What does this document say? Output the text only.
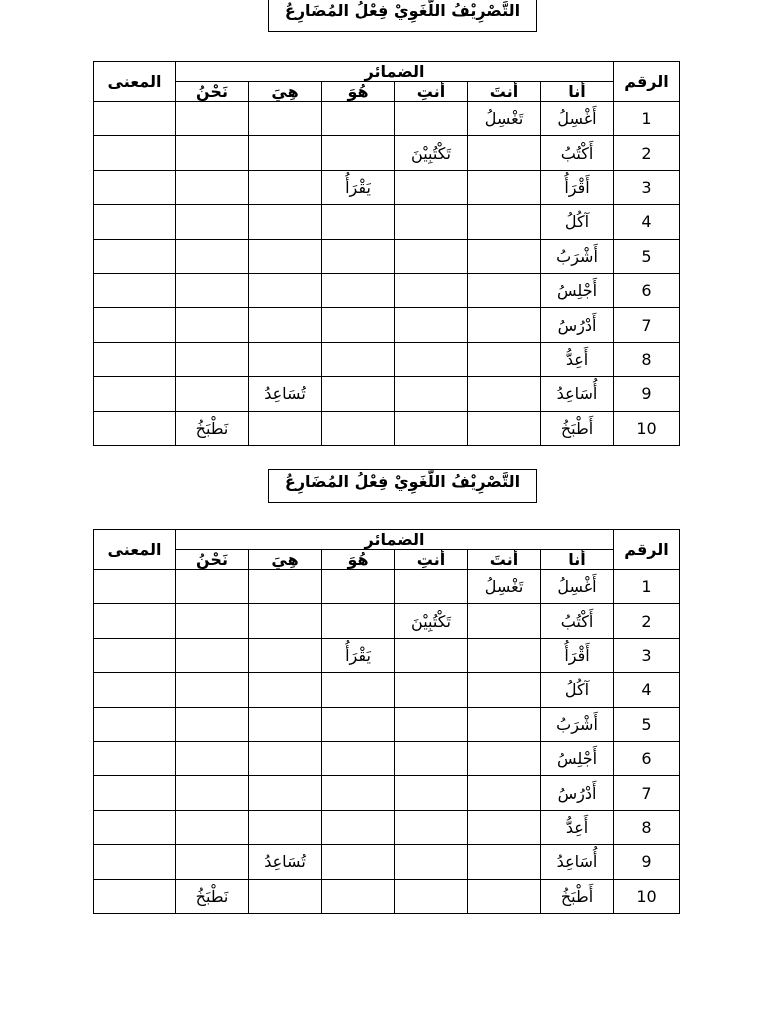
التَّصْرِيْفُ اللُّغَوِيْ فِعْلُ المُضَارِعُ
الرقم	الضمائر						المعنى
	أنا	أنتَ	أنتِ	هُوَ	هِيَ	نَحْنُ	
1	أَغْسِلُ	تَغْسِلُ					
2	أَكْتُبُ		تَكْتُبِيْنَ				
3	أَقْرَأُ			يَقْرَأُ			
4	آكُلُ						
5	أَشْرَبُ						
6	أَجْلِسُ						
7	أَدْرُسُ						
8	أَعِدُّ						
9	أُسَاعِدُ				تُسَاعِدُ		
10	أَطْبَخُ					نَطْبَخُ	
التَّصْرِيْفُ اللُّغَوِيْ فِعْلُ المُضَارِعُ
الرقم	الضمائر						المعنى
	أنا	أنتَ	أنتِ	هُوَ	هِيَ	نَحْنُ	
1	أَغْسِلُ	تَغْسِلُ					
2	أَكْتُبُ		تَكْتُبِيْنَ				
3	أَقْرَأُ			يَقْرَأُ			
4	آكُلُ						
5	أَشْرَبُ						
6	أَجْلِسُ						
7	أَدْرُسُ						
8	أَعِدُّ						
9	أُسَاعِدُ				تُسَاعِدُ		
10	أَطْبَخُ					نَطْبَخُ	
